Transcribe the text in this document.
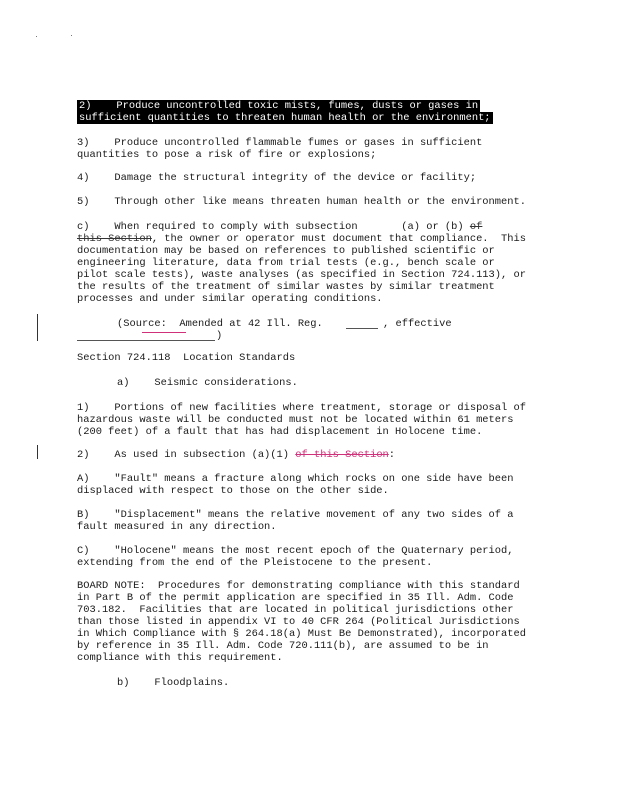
2)    Produce uncontrolled toxic mists, fumes, dusts or gases in
sufficient quantities to threaten human health or the environment;
3)    Produce uncontrolled flammable fumes or gases in sufficient
quantities to pose a risk of fire or explosions;
4)    Damage the structural integrity of the device or facility;
5)    Through other like means threaten human health or the environment.
c)    When required to comply with subsection	(a) or (b) of
this Section, the owner or operator must document that compliance.  This
documentation may be based on references to published scientific or
engineering literature, data from trial tests (e.g., bench scale or
pilot scale tests), waste analyses (as specified in Section 724.113), or
the results of the treatment of similar wastes by similar treatment
processes and under similar operating conditions.
(Source:  Amended at 42 Ill. Reg.	, effective
)
Section 724.118  Location Standards
a)    Seismic considerations.
1)    Portions of new facilities where treatment, storage or disposal of
hazardous waste will be conducted must not be located within 61 meters
(200 feet) of a fault that has had displacement in Holocene time.
2)    As used in subsection (a)(1) of this Section:
A)    "Fault" means a fracture along which rocks on one side have been
displaced with respect to those on the other side.
B)    "Displacement" means the relative movement of any two sides of a
fault measured in any direction.
C)    "Holocene" means the most recent epoch of the Quaternary period,
extending from the end of the Pleistocene to the present.
BOARD NOTE:  Procedures for demonstrating compliance with this standard
in Part B of the permit application are specified in 35 Ill. Adm. Code
703.182.  Facilities that are located in political jurisdictions other
than those listed in appendix VI to 40 CFR 264 (Political Jurisdictions
in Which Compliance with § 264.18(a) Must Be Demonstrated), incorporated
by reference in 35 Ill. Adm. Code 720.111(b), are assumed to be in
compliance with this requirement.
b)    Floodplains.
